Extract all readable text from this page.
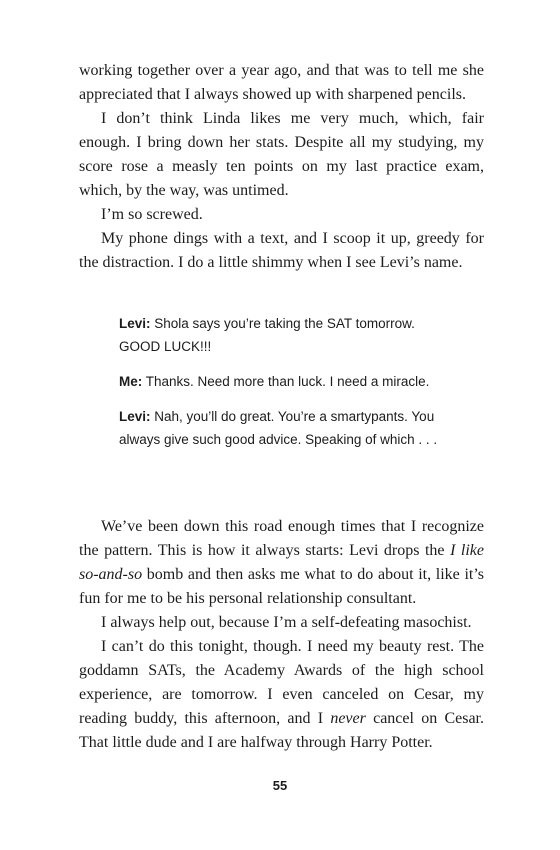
working together over a year ago, and that was to tell me she appreciated that I always showed up with sharpened pencils.

I don’t think Linda likes me very much, which, fair enough. I bring down her stats. Despite all my studying, my score rose a measly ten points on my last practice exam, which, by the way, was untimed.

I’m so screwed.

My phone dings with a text, and I scoop it up, greedy for the distraction. I do a little shimmy when I see Levi’s name.

Levi: Shola says you’re taking the SAT tomorrow. GOOD LUCK!!!

Me: Thanks. Need more than luck. I need a miracle.

Levi: Nah, you’ll do great. You’re a smartypants. You always give such good advice. Speaking of which . . .

We’ve been down this road enough times that I recognize the pattern. This is how it always starts: Levi drops the I like so-and-so bomb and then asks me what to do about it, like it’s fun for me to be his personal relationship consultant.

I always help out, because I’m a self-defeating masochist.

I can’t do this tonight, though. I need my beauty rest. The goddamn SATs, the Academy Awards of the high school experience, are tomorrow. I even canceled on Cesar, my reading buddy, this afternoon, and I never cancel on Cesar. That little dude and I are halfway through Harry Potter.

55
